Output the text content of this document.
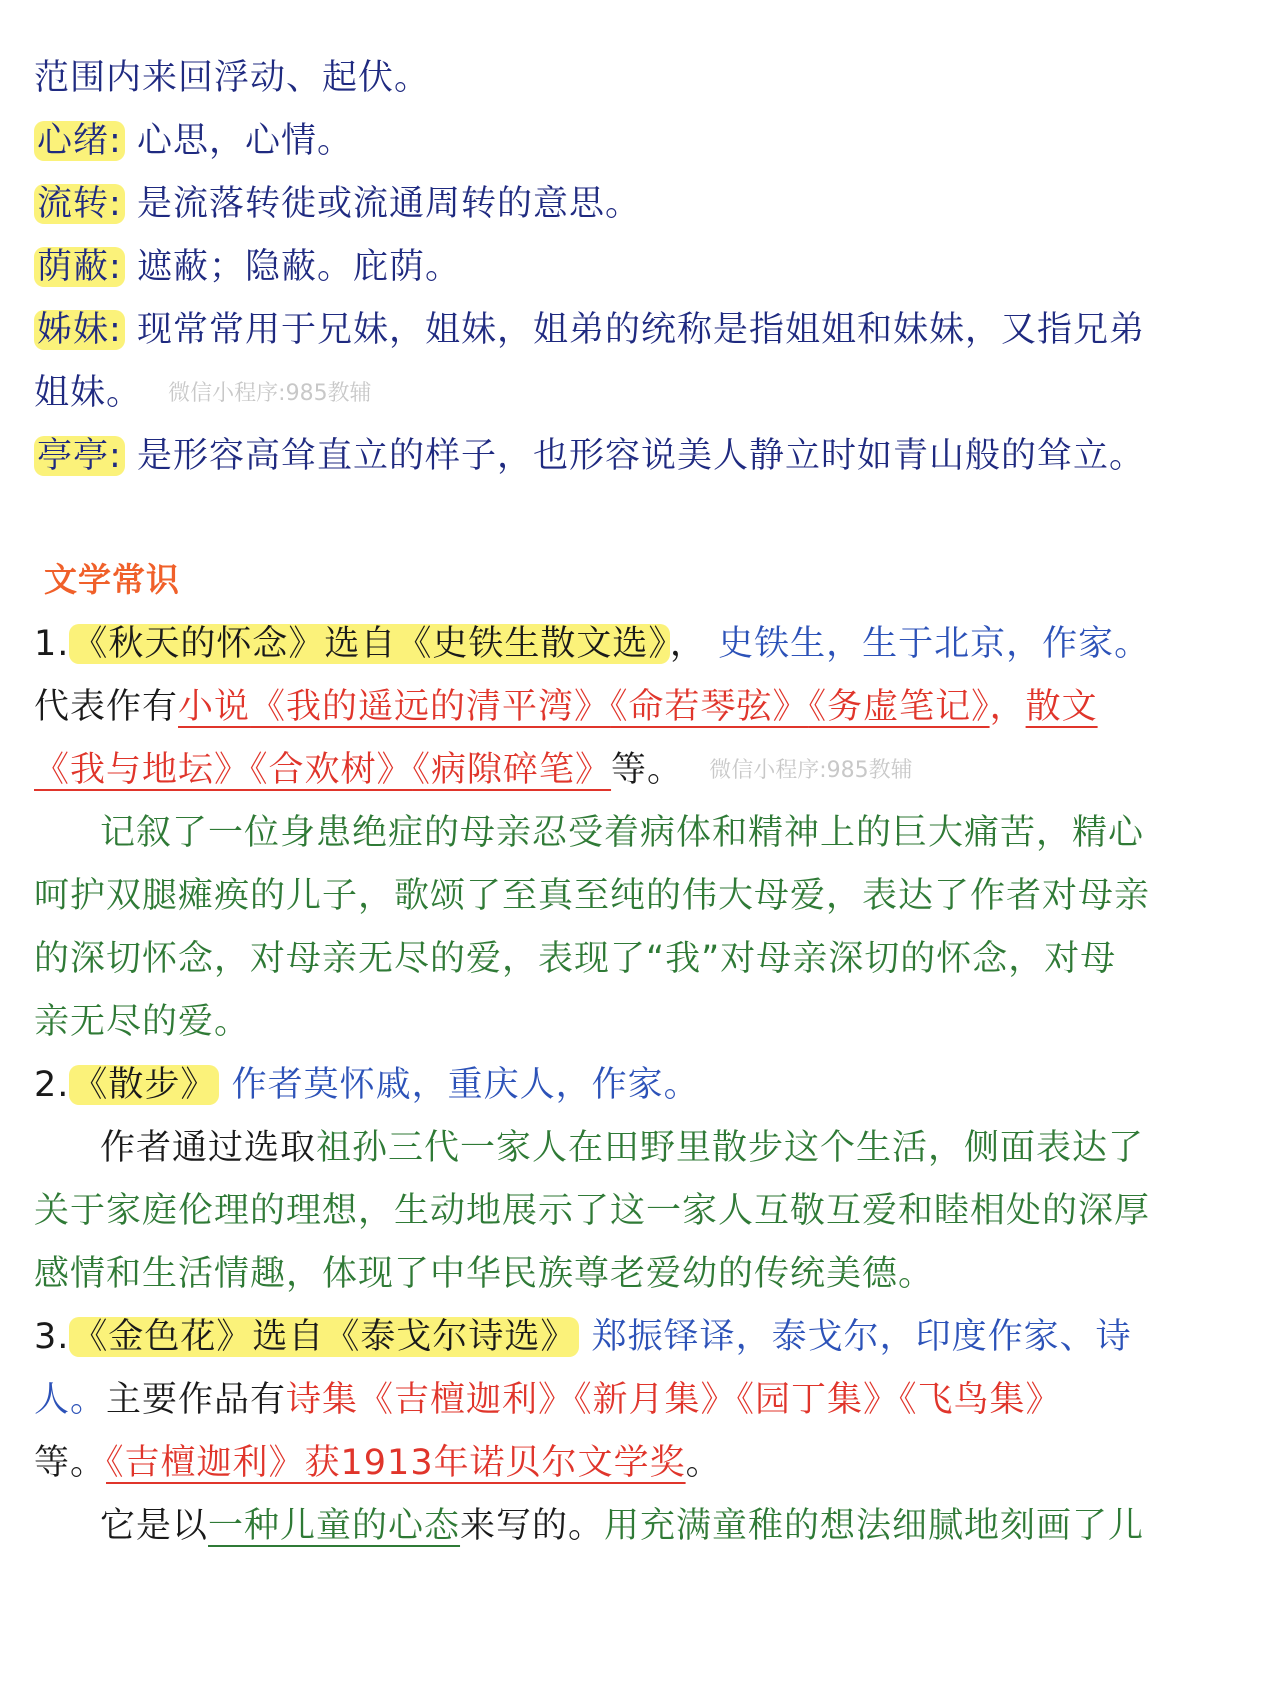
范围内来回浮动、起伏。
心绪: 心思，心情。
流转: 是流落转徙或流通周转的意思。
荫蔽: 遮蔽；隐蔽。庇荫。
姊妹: 现常常用于兄妹，姐妹，姐弟的统称是指姐姐和妹妹，又指兄弟
姐妹。 微信小程序:985教辅
亭亭: 是形容高耸直立的样子，也形容说美人静立时如青山般的耸立。
文学常识
1.《秋天的怀念》选自《史铁生散文选》， 史铁生，生于北京，作家。
代表作有小说《我的遥远的清平湾》《命若琴弦》《务虚笔记》，散文
《我与地坛》《合欢树》《病隙碎笔》等。 微信小程序:985教辅
记叙了一位身患绝症的母亲忍受着病体和精神上的巨大痛苦，精心
呵护双腿瘫痪的儿子，歌颂了至真至纯的伟大母爱，表达了作者对母亲
的深切怀念，对母亲无尽的爱，表现了“我”对母亲深切的怀念，对母
亲无尽的爱。
2.《散步》 作者莫怀戚，重庆人，作家。
作者通过选取祖孙三代一家人在田野里散步这个生活，侧面表达了
关于家庭伦理的理想，生动地展示了这一家人互敬互爱和睦相处的深厚
感情和生活情趣，体现了中华民族尊老爱幼的传统美德。
3.《金色花》选自《泰戈尔诗选》 郑振铎译，泰戈尔，印度作家、诗
人。主要作品有诗集《吉檀迦利》《新月集》《园丁集》《飞鸟集》
等。《吉檀迦利》获1913年诺贝尔文学奖。
它是以一种儿童的心态来写的。用充满童稚的想法细腻地刻画了儿
